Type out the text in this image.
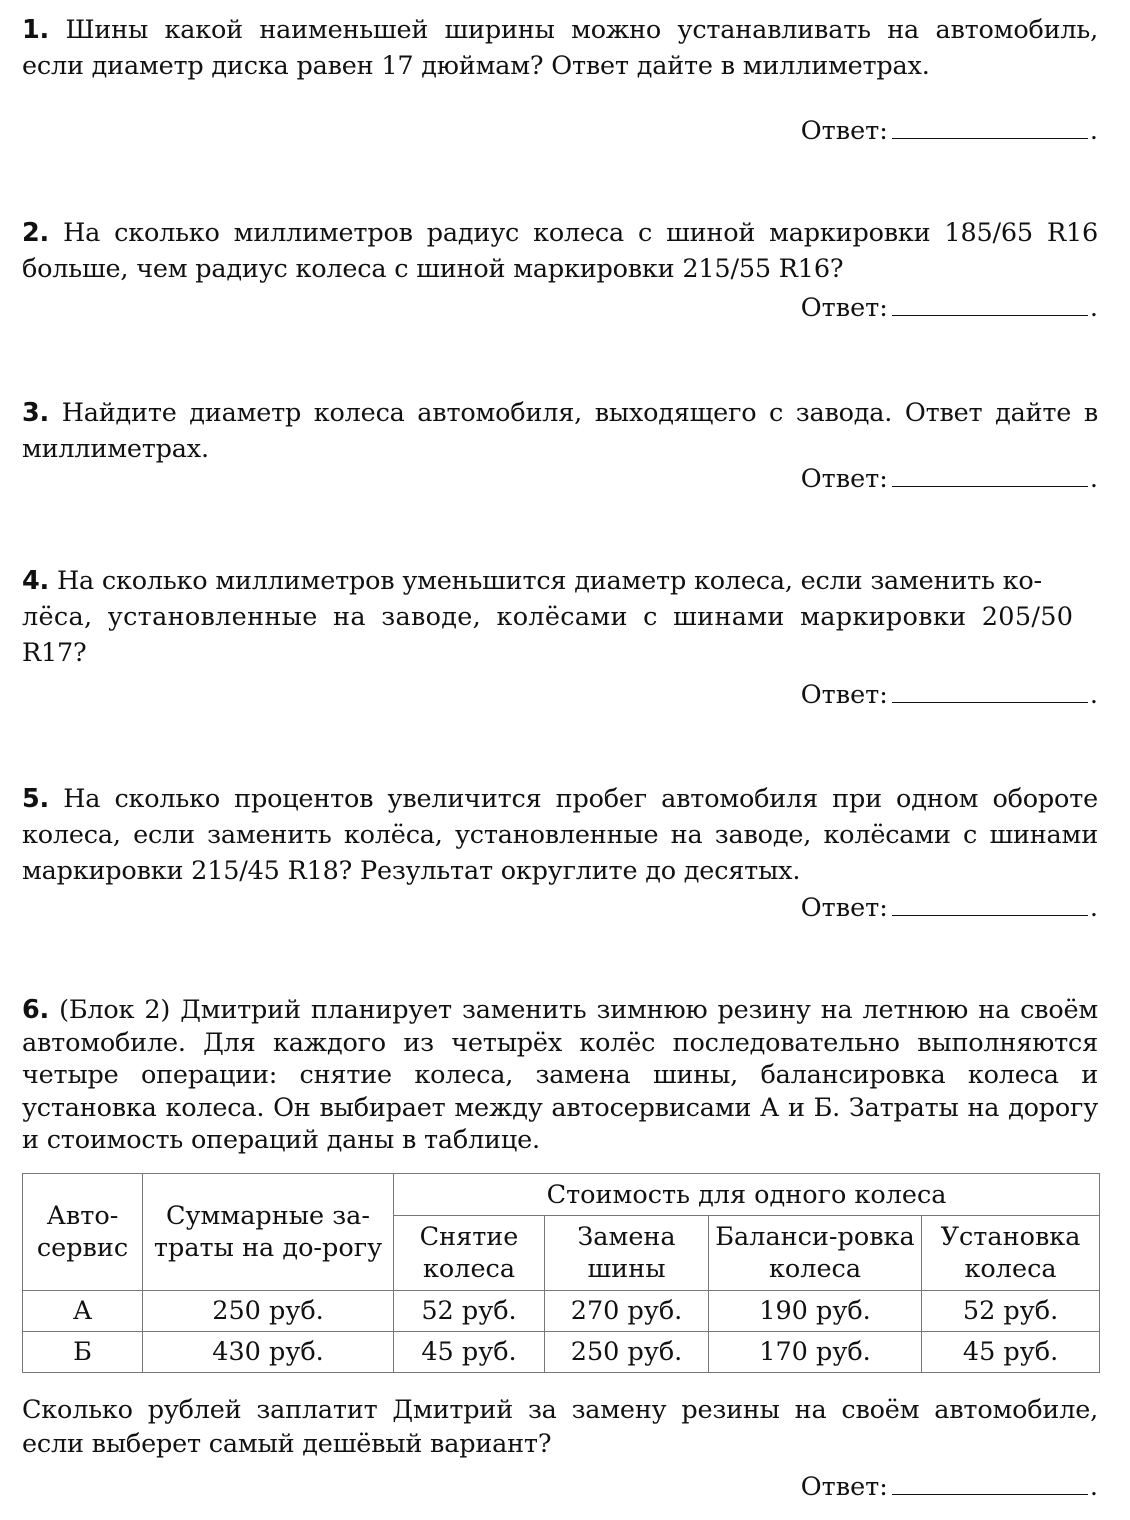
1. Шины какой наименьшей ширины можно устанавливать на автомобиль, если диаметр диска равен 17 дюймам? Ответ дайте в миллиметрах.
Ответ:	.
2. На сколько миллиметров радиус колеса с шиной маркировки 185/65 R16 больше, чем радиус колеса с шиной маркировки 215/55 R16?
Ответ:	.
3. Найдите диаметр колеса автомобиля, выходящего с завода. Ответ дайте в миллиметрах.
Ответ:	.
4. На сколько миллиметров уменьшится диаметр колеса, если заменить ко-
лёса, установленные на заводе, колёсами с шинами маркировки 205/50
R17?
Ответ:	.
5. На сколько процентов увеличится пробег автомобиля при одном обороте колеса, если заменить колёса, установленные на заводе, колёсами с шинами маркировки 215/45 R18? Результат округлите до десятых.
Ответ:	.
6. (Блок 2) Дмитрий планирует заменить зимнюю резину на летнюю на своём автомобиле. Для каждого из четырёх колёс последовательно выполняются четыре операции: снятие колеса, замена шины, балансировка колеса и установка колеса. Он выбирает между автосервисами А и Б. Затраты на дорогу и стоимость операций даны в таблице.
Авто-сервис	Суммарные за-траты на до-рогу	Стоимость для одного колеса			
		Снятие колеса	Замена шины	Баланси-ровка колеса	Установка колеса
А	250 руб.	52 руб.	270 руб.	190 руб.	52 руб.
Б	430 руб.	45 руб.	250 руб.	170 руб.	45 руб.
Сколько рублей заплатит Дмитрий за замену резины на своём автомобиле, если выберет самый дешёвый вариант?
Ответ:	.
